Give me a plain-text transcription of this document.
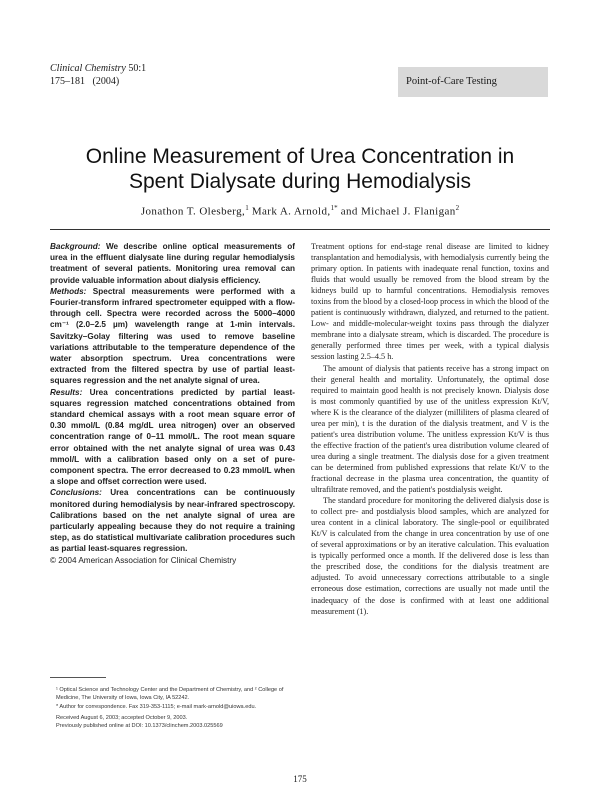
Clinical Chemistry 50:1
175–181 (2004)	Point-of-Care Testing
Online Measurement of Urea Concentration in
Spent Dialysate during Hemodialysis
Jonathon T. Olesberg,$^1$ Mark A. Arnold,$^{1*}$ and Michael J. Flanigan$^2$

Background: We describe online optical measurements of urea in the effluent dialysate line during regular hemodialysis treatment of several patients. Monitoring urea removal can provide valuable information about dialysis efficiency.

Methods: Spectral measurements were performed with a Fourier-transform infrared spectrometer equipped with a flow-through cell. Spectra were recorded across the 5000–4000 cm⁻¹ (2.0–2.5 µm) wavelength range at 1-min intervals. Savitzky–Golay filtering was used to remove baseline variations attributable to the temperature dependence of the water absorption spectrum. Urea concentrations were extracted from the filtered spectra by use of partial least-squares regression and the net analyte signal of urea.

Results: Urea concentrations predicted by partial least-squares regression matched concentrations obtained from standard chemical assays with a root mean square error of 0.30 mmol/L (0.84 mg/dL urea nitrogen) over an observed concentration range of 0–11 mmol/L. The root mean square error obtained with the net analyte signal of urea was 0.43 mmol/L with a calibration based only on a set of pure-component spectra. The error decreased to 0.23 mmol/L when a slope and offset correction were used.

Conclusions: Urea concentrations can be continuously monitored during hemodialysis by near-infrared spectroscopy. Calibrations based on the net analyte signal of urea are particularly appealing because they do not require a training step, as do statistical multivariate calibration procedures such as partial least-squares regression.

© 2004 American Association for Clinical Chemistry

¹ Optical Science and Technology Center and the Department of Chemistry, and ² College of Medicine, The University of Iowa, Iowa City, IA 52242.

* Author for correspondence. Fax 319-353-1115; e-mail mark-arnold@uiowa.edu.

Received August 6, 2003; accepted October 9, 2003.

Previously published online at DOI: 10.1373/clinchem.2003.025569

Treatment options for end-stage renal disease are limited to kidney transplantation and hemodialysis, with hemodialysis currently being the primary option. In patients with inadequate renal function, toxins and fluids that would usually be removed from the blood stream by the kidneys build up to harmful concentrations. Hemodialysis removes toxins from the blood by a closed-loop process in which the blood of the patient is continuously withdrawn, dialyzed, and returned to the patient. Low- and middle-molecular-weight toxins pass through the dialyzer membrane into a dialysate stream, which is discarded. The procedure is generally performed three times per week, with a typical dialysis session lasting 2.5–4.5 h.

The amount of dialysis that patients receive has a strong impact on their general health and mortality. Unfortunately, the optimal dose required to maintain good health is not precisely known. Dialysis dose is most commonly quantified by use of the unitless expression Kt/V, where K is the clearance of the dialyzer (milliliters of plasma cleared of urea per min), t is the duration of the dialysis treatment, and V is the patient's urea distribution volume. The unitless expression Kt/V is thus the effective fraction of the patient's urea distribution volume cleared of urea during a single treatment. The dialysis dose for a given treatment can be determined from published expressions that relate Kt/V to the fractional decrease in the plasma urea concentration, the quantity of ultrafiltrate removed, and the patient's postdialysis weight.

The standard procedure for monitoring the delivered dialysis dose is to collect pre- and postdialysis blood samples, which are analyzed for urea content in a clinical laboratory. The single-pool or equilibrated Kt/V is calculated from the change in urea concentration by use of one of several approximations or by an iterative calculation. This evaluation is typically performed once a month. If the delivered dose is less than the prescribed dose, the conditions for the dialysis treatment are adjusted. To avoid unnecessary corrections attributable to a single erroneous dose estimation, corrections are usually not made until the inadequacy of the dose is confirmed with at least one additional measurement (1).

175
